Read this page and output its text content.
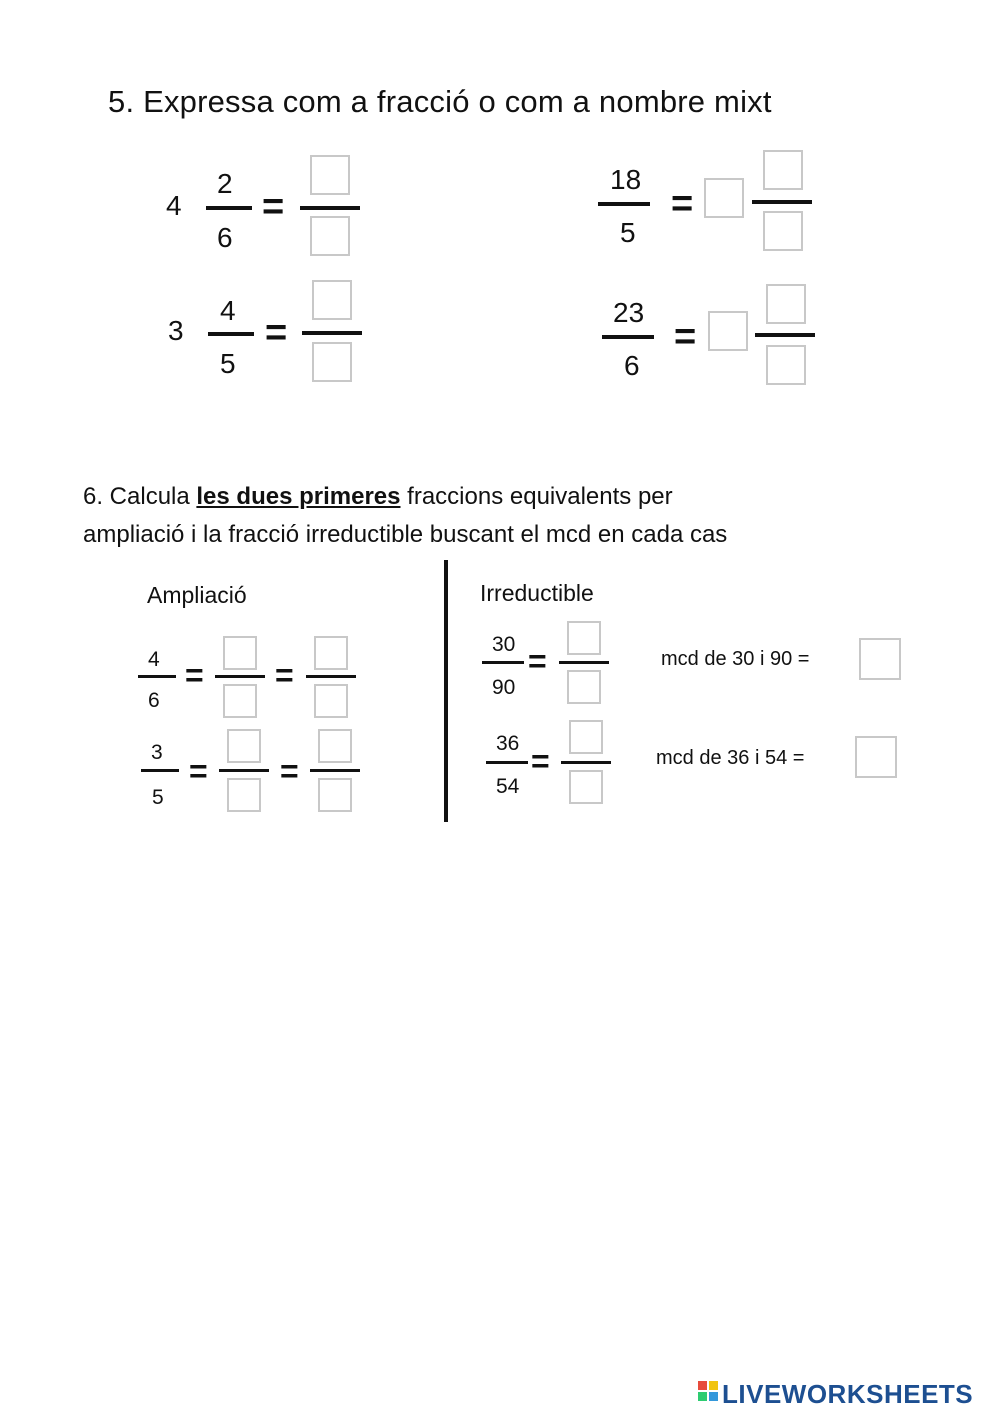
5. Expressa com a fracció o com a nombre mixt
4
2
6
=
3
4
5
=
18
5
=
23
6
=
6. Calcula les dues primeres fraccions equivalents per
ampliació i la fracció irreductible buscant el mcd en cada cas
Ampliació
4
6
= =
3
5
= =
Irreductible
30
90
=	mcd de 30 i 90 =
36
54
=	mcd de 36 i 54 =
LIVEWORKSHEETS
